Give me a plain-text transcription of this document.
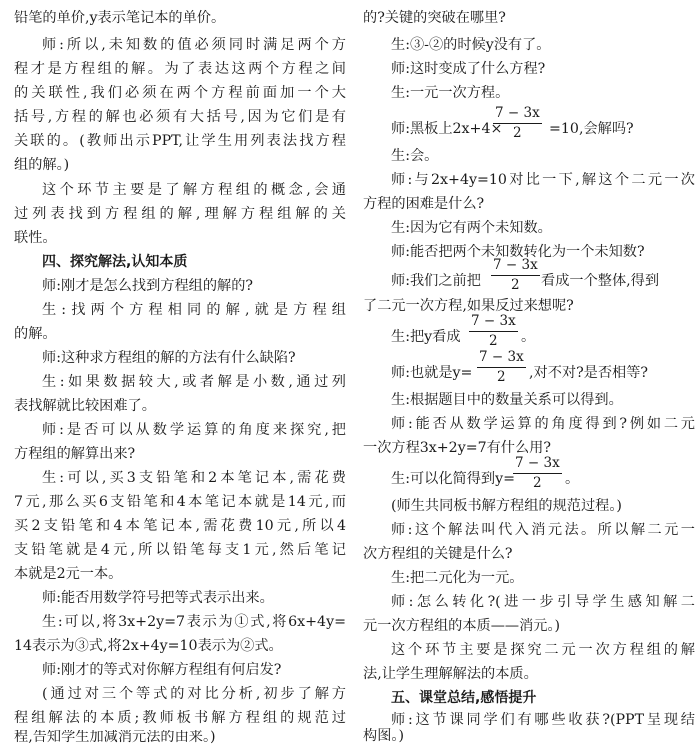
铅笔的单价,y表示笔记本的单价。
师:所以,未知数的值必须同时满足两个方
程才是方程组的解。为了表达这两个方程之间
的关联性,我们必须在两个方程前面加一个大
括号,方程的解也必须有大括号,因为它们是有
关联的。(教师出示PPT,让学生用列表法找方程
组的解。)
这个环节主要是了解方程组的概念,会通
过列表找到方程组的解,理解方程组解的关
联性。
四、探究解法,认知本质
师:刚才是怎么找到方程组的解的?
生:找两个方程相同的解,就是方程组
的解。
师:这种求方程组的解的方法有什么缺陷?
生:如果数据较大,或者解是小数,通过列
表找解就比较困难了。
师:是否可以从数学运算的角度来探究,把
方程组的解算出来?
生:可以,买3支铅笔和2本笔记本,需花费
7元,那么买6支铅笔和4本笔记本就是14元,而
买2支铅笔和4本笔记本,需花费10元,所以4
支铅笔就是4元,所以铅笔每支1元,然后笔记
本就是2元一本。
师:能否用数学符号把等式表示出来。
生:可以,将3x+2y=7表示为①式,将6x+4y=
14表示为③式,将2x+4y=10表示为②式。
师:刚才的等式对你解方程组有何启发?
(通过对三个等式的对比分析,初步了解方
程组解法的本质;教师板书解方程组的规范过
程,告知学生加减消元法的由来。)
的?关键的突破在哪里?
生:③-②的时候y没有了。
师:这时变成了什么方程?
生:一元一次方程。
师:黑板上2x+4×
$\frac{7 - 3x}{2} =10$,会解吗?
生:会。
师:与2x+4y=10对比一下,解这个二元一次
方程的困难是什么?
生:因为它有两个未知数。
师:能否把两个未知数转化为一个未知数?
师:我们之前把 $\frac{7 - 3x}{2}$ 看成一个整体,得到
了二元一次方程,如果反过来想呢?
生:把y看成 $\frac{7 - 3x}{2}$ 。
师:也就是$y= \frac{7 - 3x}{2}$ ,对不对?是否相等?
生:根据题目中的数量关系可以得到。
师:能否从数学运算的角度得到?例如二元
一次方程3x+2y=7有什么用?
生:可以化简得到y=
$\frac{7 - 3x}{2}$ 。
(师生共同板书解方程组的规范过程。)
师:这个解法叫代入消元法。所以解二元一
次方程组的关键是什么?
生:把二元化为一元。
师:怎么转化?(进一步引导学生感知解二
元一次方程组的本质——消元。)
这个环节主要是探究二元一次方程组的解
法,让学生理解解法的本质。
五、课堂总结,感悟提升
师:这节课同学们有哪些收获?(PPT呈现结
构图。)
